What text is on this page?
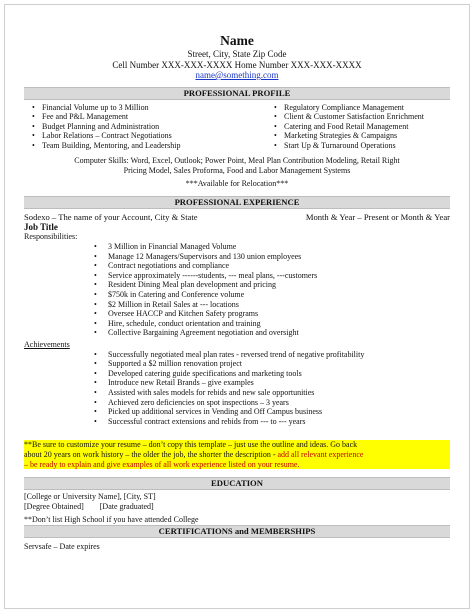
Name
Street, City, State Zip Code
Cell Number XXX-XXX-XXXX Home Number XXX-XXX-XXXX
name@something.com
PROFESSIONAL PROFILE
• Financial Volume up to 3 Million
• Fee and P&L Management
• Budget Planning and Administration
• Labor Relations – Contract Negotiations
• Team Building, Mentoring, and Leadership
• Regulatory Compliance Management
• Client & Customer Satisfaction Enrichment
• Catering and Food Retail Management
• Marketing Strategies & Campaigns
• Start Up & Turnaround Operations
Computer Skills: Word, Excel, Outlook; Power Point, Meal Plan Contribution Modeling, Retail Right
Pricing Model, Sales Proforma, Food and Labor Management Systems
***Available for Relocation***
PROFESSIONAL EXPERIENCE
Sodexo – The name of your Account, City & State	Month & Year – Present or Month & Year
Job Title
Responsibilities:
• 3 Million in Financial Managed Volume
• Manage 12 Managers/Supervisors and 130 union employees
• Contract negotiations and compliance
• Service approximately ------students, --- meal plans, ---customers
• Resident Dining Meal plan development and pricing
• $750k in Catering and Conference volume
• $2 Million in Retail Sales at --- locations
• Oversee HACCP and Kitchen Safety programs
• Hire, schedule, conduct orientation and training
• Collective Bargaining Agreement negotiation and oversight
Achievements
• Successfully negotiated meal plan rates - reversed trend of negative profitability
• Supported a $2 million renovation project
• Developed catering guide specifications and marketing tools
• Introduce new Retail Brands – give examples
• Assisted with sales models for rebids and new sale opportunities
• Achieved zero deficiencies on spot inspections – 3 years
• Picked up additional services in Vending and Off Campus business
• Successful contract extensions and rebids from --- to --- years
**Be sure to customize your resume – don’t copy this template – just use the outline and ideas. Go back
about 20 years on work history – the older the job, the shorter the description - add all relevant experience
– be ready to explain and give examples of all work experience listed on your resume.
EDUCATION
[College or University Name], [City, ST]
[Degree Obtained] [Date graduated]
**Don’t list High School if you have attended College
CERTIFICATIONS and MEMBERSHIPS
Servsafe – Date expires
